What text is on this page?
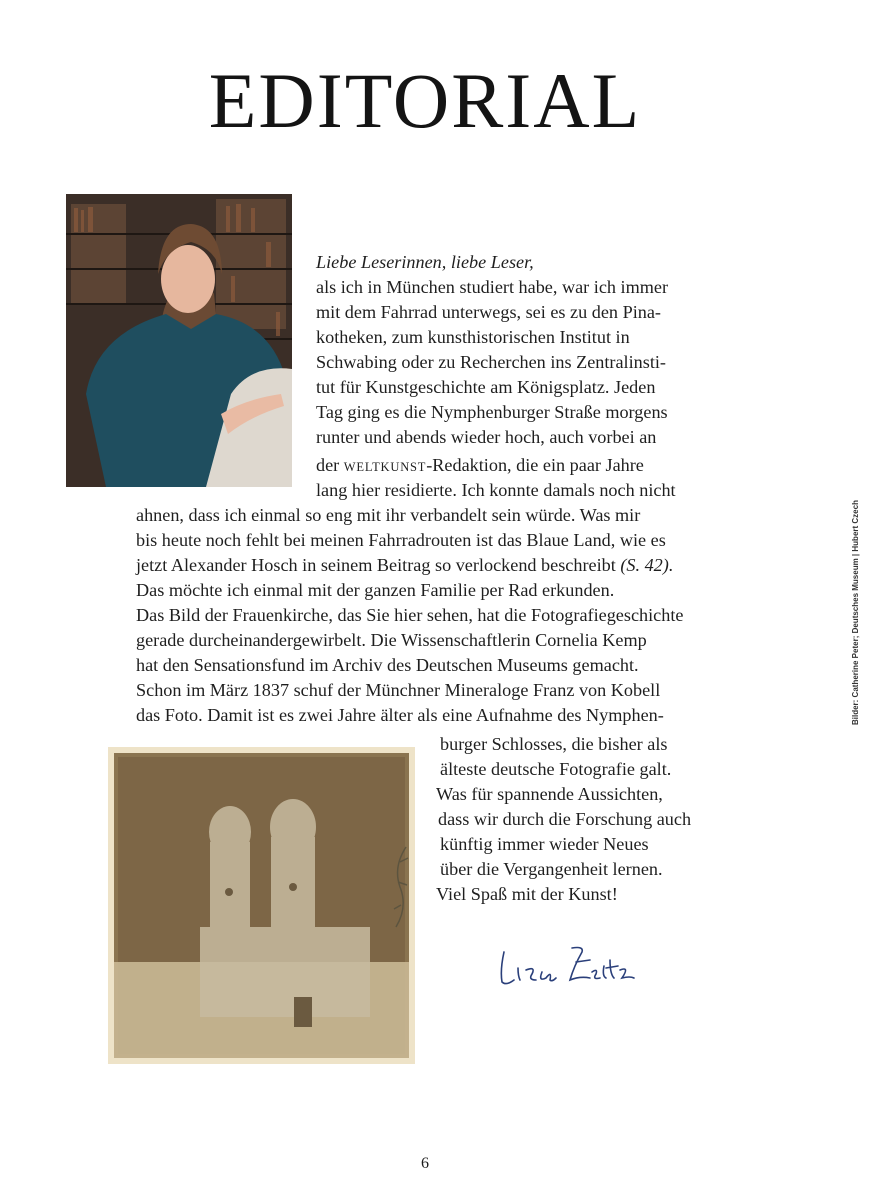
EDITORIAL
Liebe Leserinnen, liebe Leser,
als ich in München studiert habe, war ich immer
mit dem Fahrrad unterwegs, sei es zu den Pina-
kotheken, zum kunsthistorischen Institut in
Schwabing oder zu Recherchen ins Zentralinsti-
tut für Kunstgeschichte am Königsplatz. Jeden
Tag ging es die Nymphenburger Straße morgens
runter und abends wieder hoch, auch vorbei an
der WELTKUNST-Redaktion, die ein paar Jahre
lang hier residierte. Ich konnte damals noch nicht
ahnen, dass ich einmal so eng mit ihr verbandelt sein würde. Was mir
bis heute noch fehlt bei meinen Fahrradrouten ist das Blaue Land, wie es
jetzt Alexander Hosch in seinem Beitrag so verlockend beschreibt (S. 42).
Das möchte ich einmal mit der ganzen Familie per Rad erkunden.
Das Bild der Frauenkirche, das Sie hier sehen, hat die Fotografiegeschichte
gerade durcheinandergewirbelt. Die Wissenschaftlerin Cornelia Kemp
hat den Sensationsfund im Archiv des Deutschen Museums gemacht.
Schon im März 1837 schuf der Münchner Mineraloge Franz von Kobell
das Foto. Damit ist es zwei Jahre älter als eine Aufnahme des Nymphen-
burger Schlosses, die bisher als
älteste deutsche Fotografie galt.
Was für spannende Aussichten,
dass wir durch die Forschung auch
künftig immer wieder Neues
über die Vergangenheit lernen.
Viel Spaß mit der Kunst!
Bilder: Catherine Peter; Deutsches Museum | Hubert Czech
6
